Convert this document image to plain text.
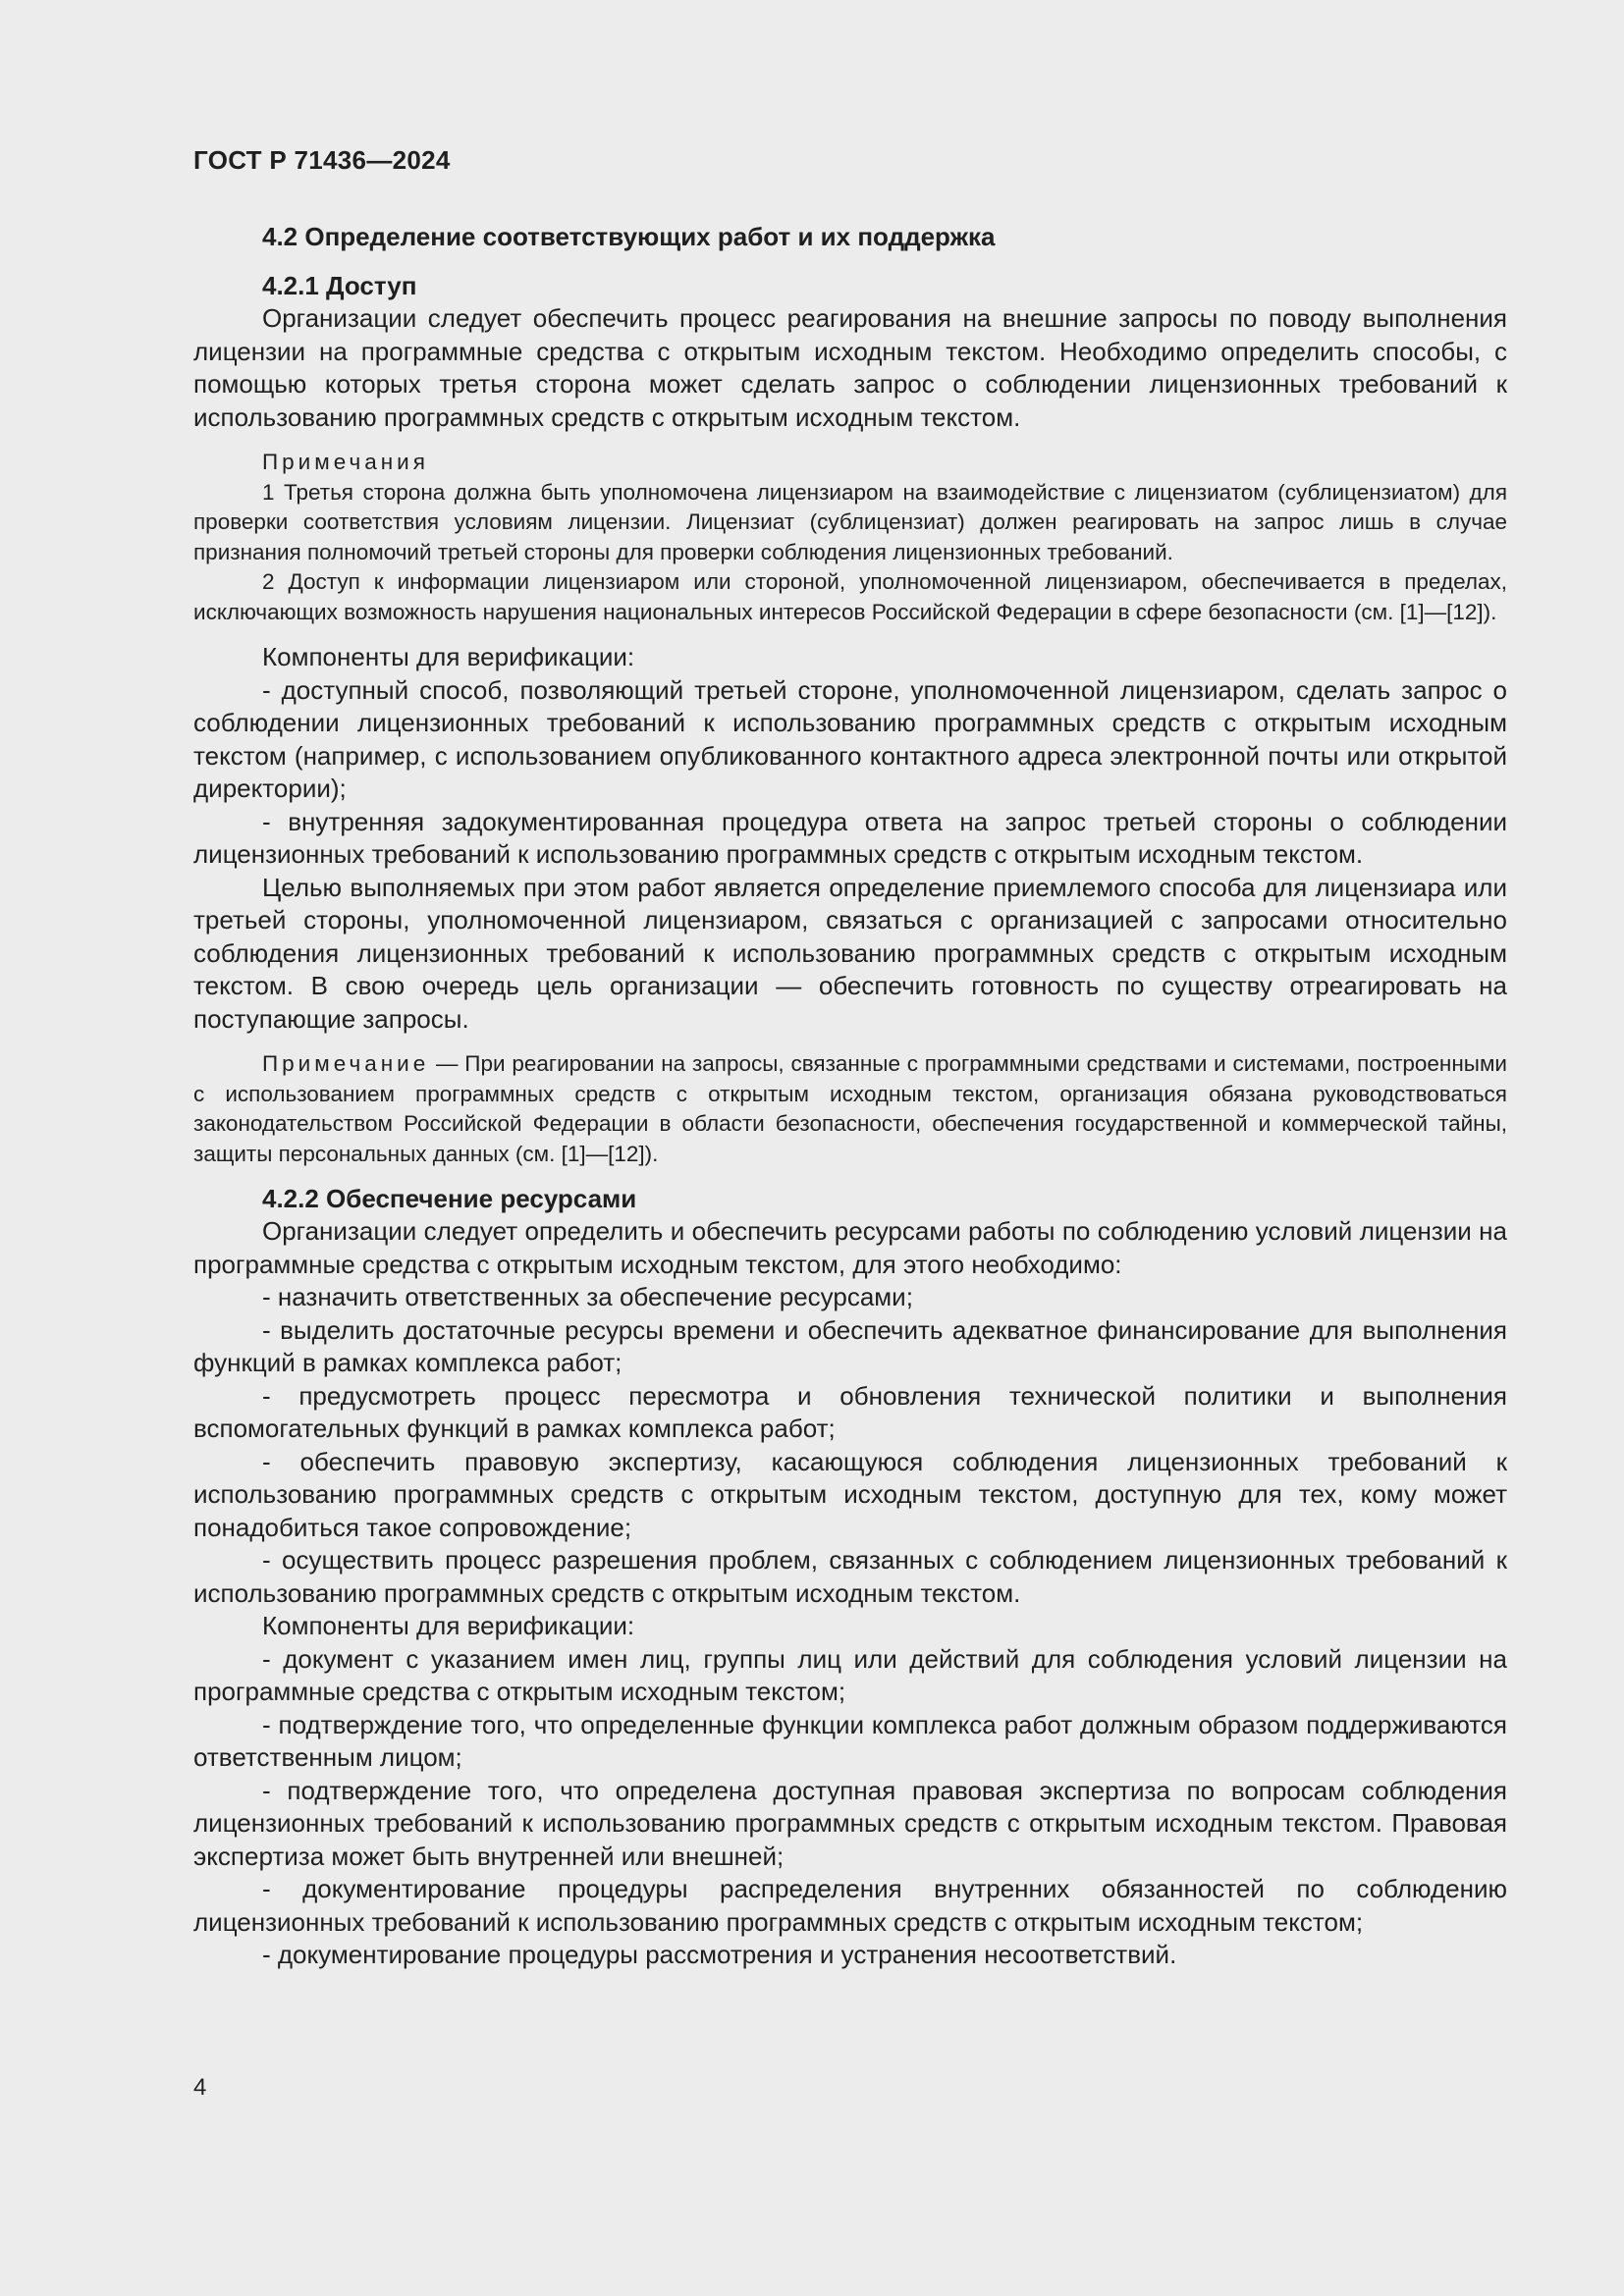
ГОСТ Р 71436—2024
4.2 Определение соответствующих работ и их поддержка
4.2.1 Доступ

Организации следует обеспечить процесс реагирования на внешние запросы по поводу выполнения лицензии на программные средства с открытым исходным текстом. Необходимо определить способы, с помощью которых третья сторона может сделать запрос о соблюдении лицензионных требований к использованию программных средств с открытым исходным текстом.

Примечания

1 Третья сторона должна быть уполномочена лицензиаром на взаимодействие с лицензиатом (сублицензиатом) для проверки соответствия условиям лицензии. Лицензиат (сублицензиат) должен реагировать на запрос лишь в случае признания полномочий третьей стороны для проверки соблюдения лицензионных требований.

2 Доступ к информации лицензиаром или стороной, уполномоченной лицензиаром, обеспечивается в пределах, исключающих возможность нарушения национальных интересов Российской Федерации в сфере безопасности (см. [1]—[12]).

Компоненты для верификации:

- доступный способ, позволяющий третьей стороне, уполномоченной лицензиаром, сделать запрос о соблюдении лицензионных требований к использованию программных средств с открытым исходным текстом (например, с использованием опубликованного контактного адреса электронной почты или открытой директории);

- внутренняя задокументированная процедура ответа на запрос третьей стороны о соблюдении лицензионных требований к использованию программных средств с открытым исходным текстом.

Целью выполняемых при этом работ является определение приемлемого способа для лицензиара или третьей стороны, уполномоченной лицензиаром, связаться с организацией с запросами относительно соблюдения лицензионных требований к использованию программных средств с открытым исходным текстом. В свою очередь цель организации — обеспечить готовность по существу отреагировать на поступающие запросы.

Примечание — При реагировании на запросы, связанные с программными средствами и системами, построенными с использованием программных средств с открытым исходным текстом, организация обязана руководствоваться законодательством Российской Федерации в области безопасности, обеспечения государственной и коммерческой тайны, защиты персональных данных (см. [1]—[12]).

4.2.2 Обеспечение ресурсами

Организации следует определить и обеспечить ресурсами работы по соблюдению условий лицензии на программные средства с открытым исходным текстом, для этого необходимо:

- назначить ответственных за обеспечение ресурсами;

- выделить достаточные ресурсы времени и обеспечить адекватное финансирование для выполнения функций в рамках комплекса работ;

- предусмотреть процесс пересмотра и обновления технической политики и выполнения вспомогательных функций в рамках комплекса работ;

- обеспечить правовую экспертизу, касающуюся соблюдения лицензионных требований к использованию программных средств с открытым исходным текстом, доступную для тех, кому может понадобиться такое сопровождение;

- осуществить процесс разрешения проблем, связанных с соблюдением лицензионных требований к использованию программных средств с открытым исходным текстом.

Компоненты для верификации:

- документ с указанием имен лиц, группы лиц или действий для соблюдения условий лицензии на программные средства с открытым исходным текстом;

- подтверждение того, что определенные функции комплекса работ должным образом поддерживаются ответственным лицом;

- подтверждение того, что определена доступная правовая экспертиза по вопросам соблюдения лицензионных требований к использованию программных средств с открытым исходным текстом. Правовая экспертиза может быть внутренней или внешней;

- документирование процедуры распределения внутренних обязанностей по соблюдению лицензионных требований к использованию программных средств с открытым исходным текстом;

- документирование процедуры рассмотрения и устранения несоответствий.

4
